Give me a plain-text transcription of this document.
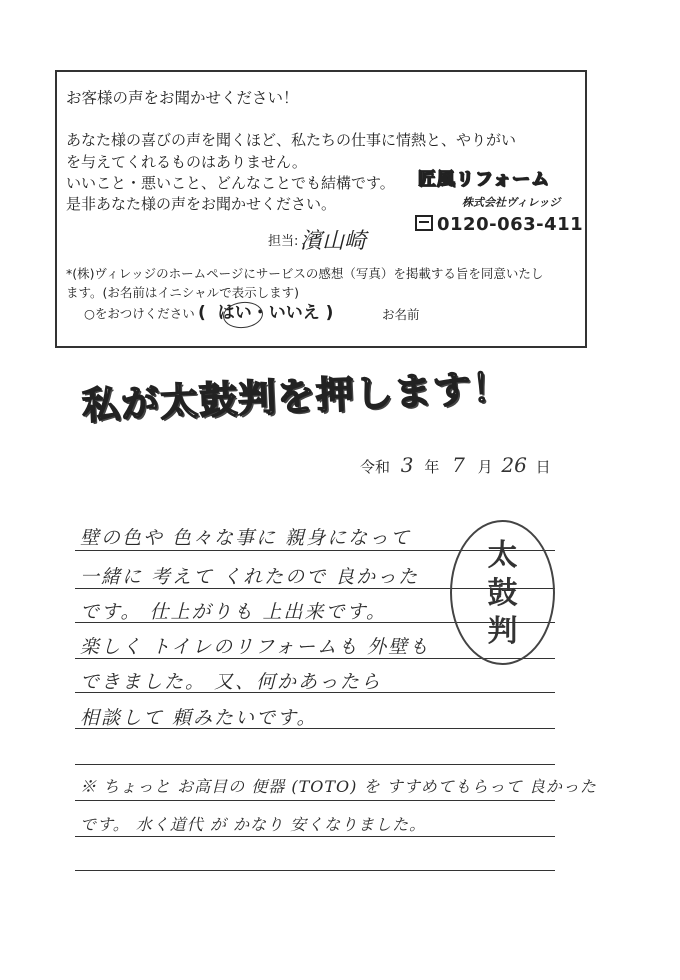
お客様の声をお聞かせください！
あなた様の喜びの声を聞くほど、私たちの仕事に情熱と、やりがい
を与えてくれるものはありません。
いいこと・悪いこと、どんなことでも結構です。
是非あなた様の声をお聞かせください。
匠風リフォーム
株式会社ヴィレッジ
0120-063-411
担当: 濱山崎
*(株)ヴィレッジのホームページにサービスの感想（写真）を掲載する旨を同意いたし
ます。(お名前はイニシャルで表示します)
○をおつけください ( はい・いいえ )	お名前
私が太鼓判を押します！
令和 3 年 7 月 26 日
壁の色や 色々な事に 親身になって
一緒に 考えて くれたので 良かった
です。 仕上がりも 上出来です。
楽しく トイレのリフォームも 外壁も
できました。 又、何かあったら
相談して 頼みたいです。
※ ちょっと お高目の 便器 (TOTO) を すすめてもらって 良かった
です。 水く道代 が かなり 安くなりました。
太
鼓
判
